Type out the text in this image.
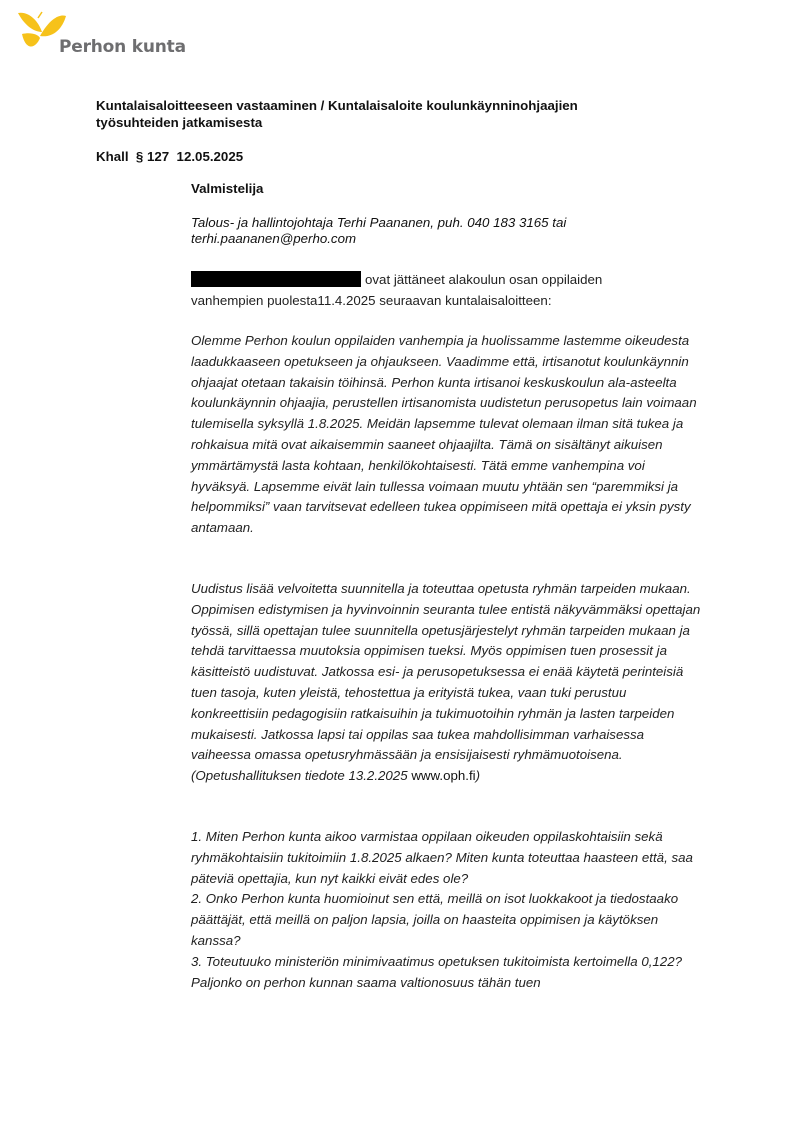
Perhon kunta
Kuntalaisaloitteeseen vastaaminen / Kuntalaisaloite koulunkäynninohjaajien työsuhteiden jatkamisesta
Khall  § 127  12.05.2025
Valmistelija
Talous- ja hallintojohtaja Terhi Paananen, puh. 040 183 3165 tai terhi.paananen@perho.com
ovat jättäneet alakoulun osan oppilaiden vanhempien puolesta11.4.2025 seuraavan kuntalaisaloitteen:
Olemme Perhon koulun oppilaiden vanhempia ja huolissamme lastemme oikeudesta laadukkaaseen opetukseen ja ohjaukseen. Vaadimme että, irtisanotut koulunkäynnin ohjaajat otetaan takaisin töihinsä. Perhon kunta irtisanoi keskuskoulun ala-asteelta koulunkäynnin ohjaajia, perustellen irtisanomista uudistetun perusopetus lain voimaan tulemisella syksyllä 1.8.2025. Meidän lapsemme tulevat olemaan ilman sitä tukea ja rohkaisua mitä ovat aikaisemmin saaneet ohjaajilta. Tämä on sisältänyt aikuisen ymmärtämystä lasta kohtaan, henkilökohtaisesti. Tätä emme vanhempina voi hyväksyä. Lapsemme eivät lain tullessa voimaan muutu yhtään sen “paremmiksi ja helpommiksi” vaan tarvitsevat edelleen tukea oppimiseen mitä opettaja ei yksin pysty antamaan.
Uudistus lisää velvoitetta suunnitella ja toteuttaa opetusta ryhmän tarpeiden mukaan. Oppimisen edistymisen ja hyvinvoinnin seuranta tulee entistä näkyvämmäksi opettajan työssä, sillä opettajan tulee suunnitella opetusjärjestelyt ryhmän tarpeiden mukaan ja tehdä tarvittaessa muutoksia oppimisen tueksi. Myös oppimisen tuen prosessit ja käsitteistö uudistuvat. Jatkossa esi- ja perusopetuksessa ei enää käytetä perinteisiä tuen tasoja, kuten yleistä, tehostettua ja erityistä tukea, vaan tuki perustuu konkreettisiin pedagogisiin ratkaisuihin ja tukimuotoihin ryhmän ja lasten tarpeiden mukaisesti. Jatkossa lapsi tai oppilas saa tukea mahdollisimman varhaisessa vaiheessa omassa opetusryhmässään ja ensisijaisesti ryhmämuotoisena. (Opetushallituksen tiedote 13.2.2025 www.oph.fi)
1. Miten Perhon kunta aikoo varmistaa oppilaan oikeuden oppilaskohtaisiin sekä ryhmäkohtaisiin tukitoimiin 1.8.2025 alkaen? Miten kunta toteuttaa haasteen että, saa päteviä opettajia, kun nyt kaikki eivät edes ole?
2. Onko Perhon kunta huomioinut sen että, meillä on isot luokkakoot ja tiedostaako päättäjät, että meillä on paljon lapsia, joilla on haasteita oppimisen ja käytöksen kanssa?
3. Toteutuuko ministeriön minimivaatimus opetuksen tukitoimista kertoimella 0,122? Paljonko on perhon kunnan saama valtionosuus tähän tuen
